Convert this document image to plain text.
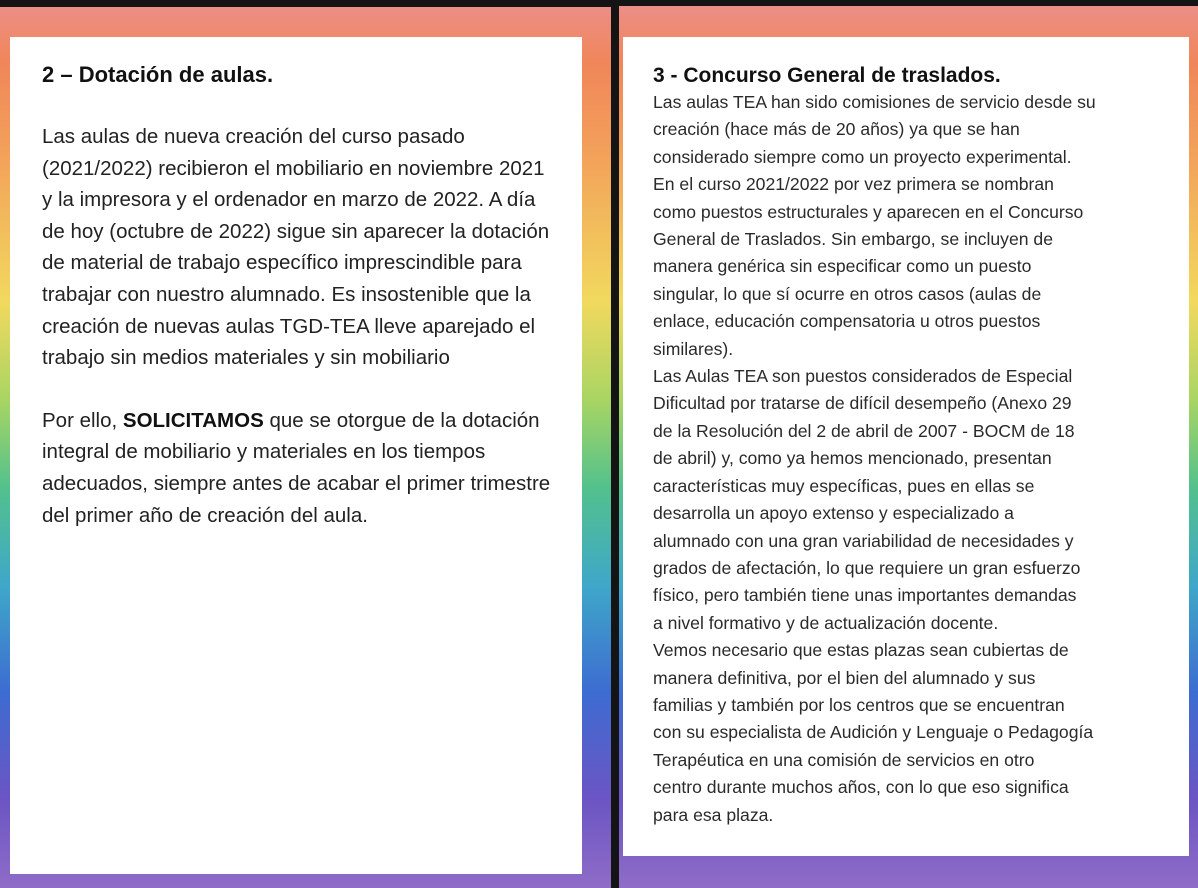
2 – Dotación de aulas.

Las aulas de nueva creación del curso pasado (2021/2022) recibieron el mobiliario en noviembre 2021 y la impresora y el ordenador en marzo de 2022. A día de hoy (octubre de 2022) sigue sin aparecer la dotación de material de trabajo específico imprescindible para trabajar con nuestro alumnado. Es insostenible que la creación de nuevas aulas TGD-TEA lleve aparejado el trabajo sin medios materiales y sin mobiliario

Por ello, SOLICITAMOS que se otorgue de la dotación integral de mobiliario y materiales en los tiempos adecuados, siempre antes de acabar el primer trimestre del primer año de creación del aula.

3 - Concurso General de traslados.
Las aulas TEA han sido comisiones de servicio desde su
creación (hace más de 20 años) ya que se han
considerado siempre como un proyecto experimental.
En el curso 2021/2022 por vez primera se nombran
como puestos estructurales y aparecen en el Concurso
General de Traslados. Sin embargo, se incluyen de
manera genérica sin especificar como un puesto
singular, lo que sí ocurre en otros casos (aulas de
enlace, educación compensatoria u otros puestos
similares).
Las Aulas TEA son puestos considerados de Especial
Dificultad por tratarse de difícil desempeño (Anexo 29
de la Resolución del 2 de abril de 2007 - BOCM de 18
de abril) y, como ya hemos mencionado, presentan
características muy específicas, pues en ellas se
desarrolla un apoyo extenso y especializado a
alumnado con una gran variabilidad de necesidades y
grados de afectación, lo que requiere un gran esfuerzo
físico, pero también tiene unas importantes demandas
a nivel formativo y de actualización docente.
Vemos necesario que estas plazas sean cubiertas de
manera definitiva, por el bien del alumnado y sus
familias y también por los centros que se encuentran
con su especialista de Audición y Lenguaje o Pedagogía
Terapéutica en una comisión de servicios en otro
centro durante muchos años, con lo que eso significa
para esa plaza.
